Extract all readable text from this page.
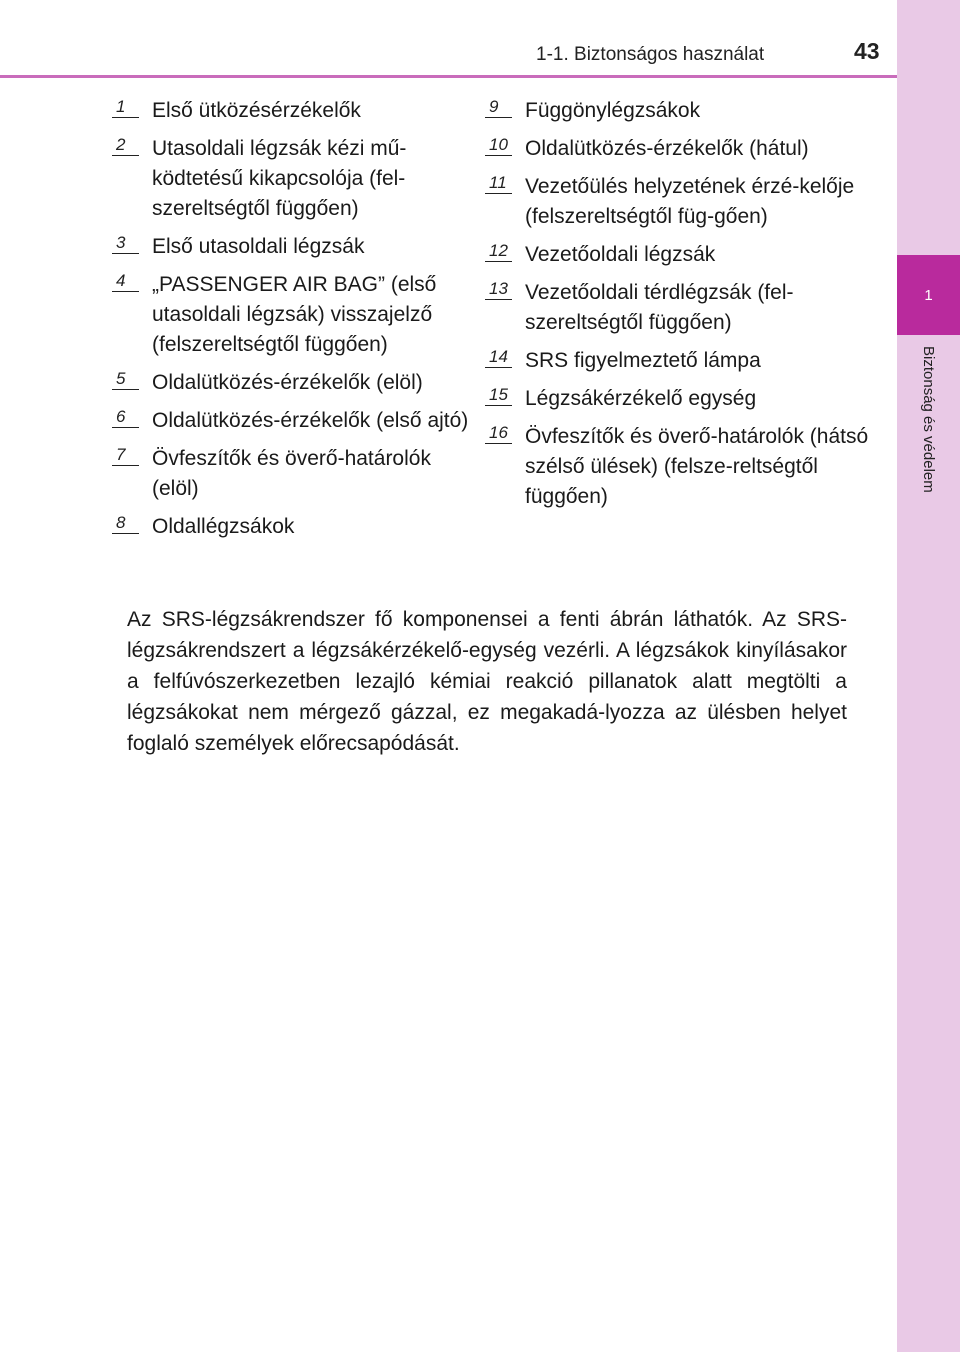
1
Biztonság és védelem
1-1. Biztonságos használat	43
1	Első ütközésérzékelők
2	Utasoldali légzsák kézi mű-ködtetésű kikapcsolója (fel-szereltségtől függően)
3	Első utasoldali légzsák
4	„PASSENGER AIR BAG” (első utasoldali légzsák) visszajelző (felszereltségtől függően)
5	Oldalütközés-érzékelők (elöl)
6	Oldalütközés-érzékelők (első ajtó)
7	Övfeszítők és överő-határolók (elöl)
8	Oldallégzsákok
9	Függönylégzsákok
10 Oldalütközés-érzékelők (hátul)
11 Vezetőülés helyzetének érzé-kelője (felszereltségtől füg-gően)
12 Vezetőoldali légzsák
13 Vezetőoldali térdlégzsák (fel-szereltségtől függően)
14 SRS figyelmeztető lámpa
15 Légzsákérzékelő egység
16 Övfeszítők és överő-határolók (hátsó szélső ülések) (felsze-reltségtől függően)
Az SRS-légzsákrendszer fő komponensei a fenti ábrán láthatók. Az SRS-légzsákrendszert a légzsákérzékelő-egység vezérli. A légzsákok kinyílásakor a felfúvószerkezetben lezajló kémiai reakció pillanatok alatt megtölti a légzsákokat nem mérgező gázzal, ez megakadá-lyozza az ülésben helyet foglaló személyek előrecsapódását.
